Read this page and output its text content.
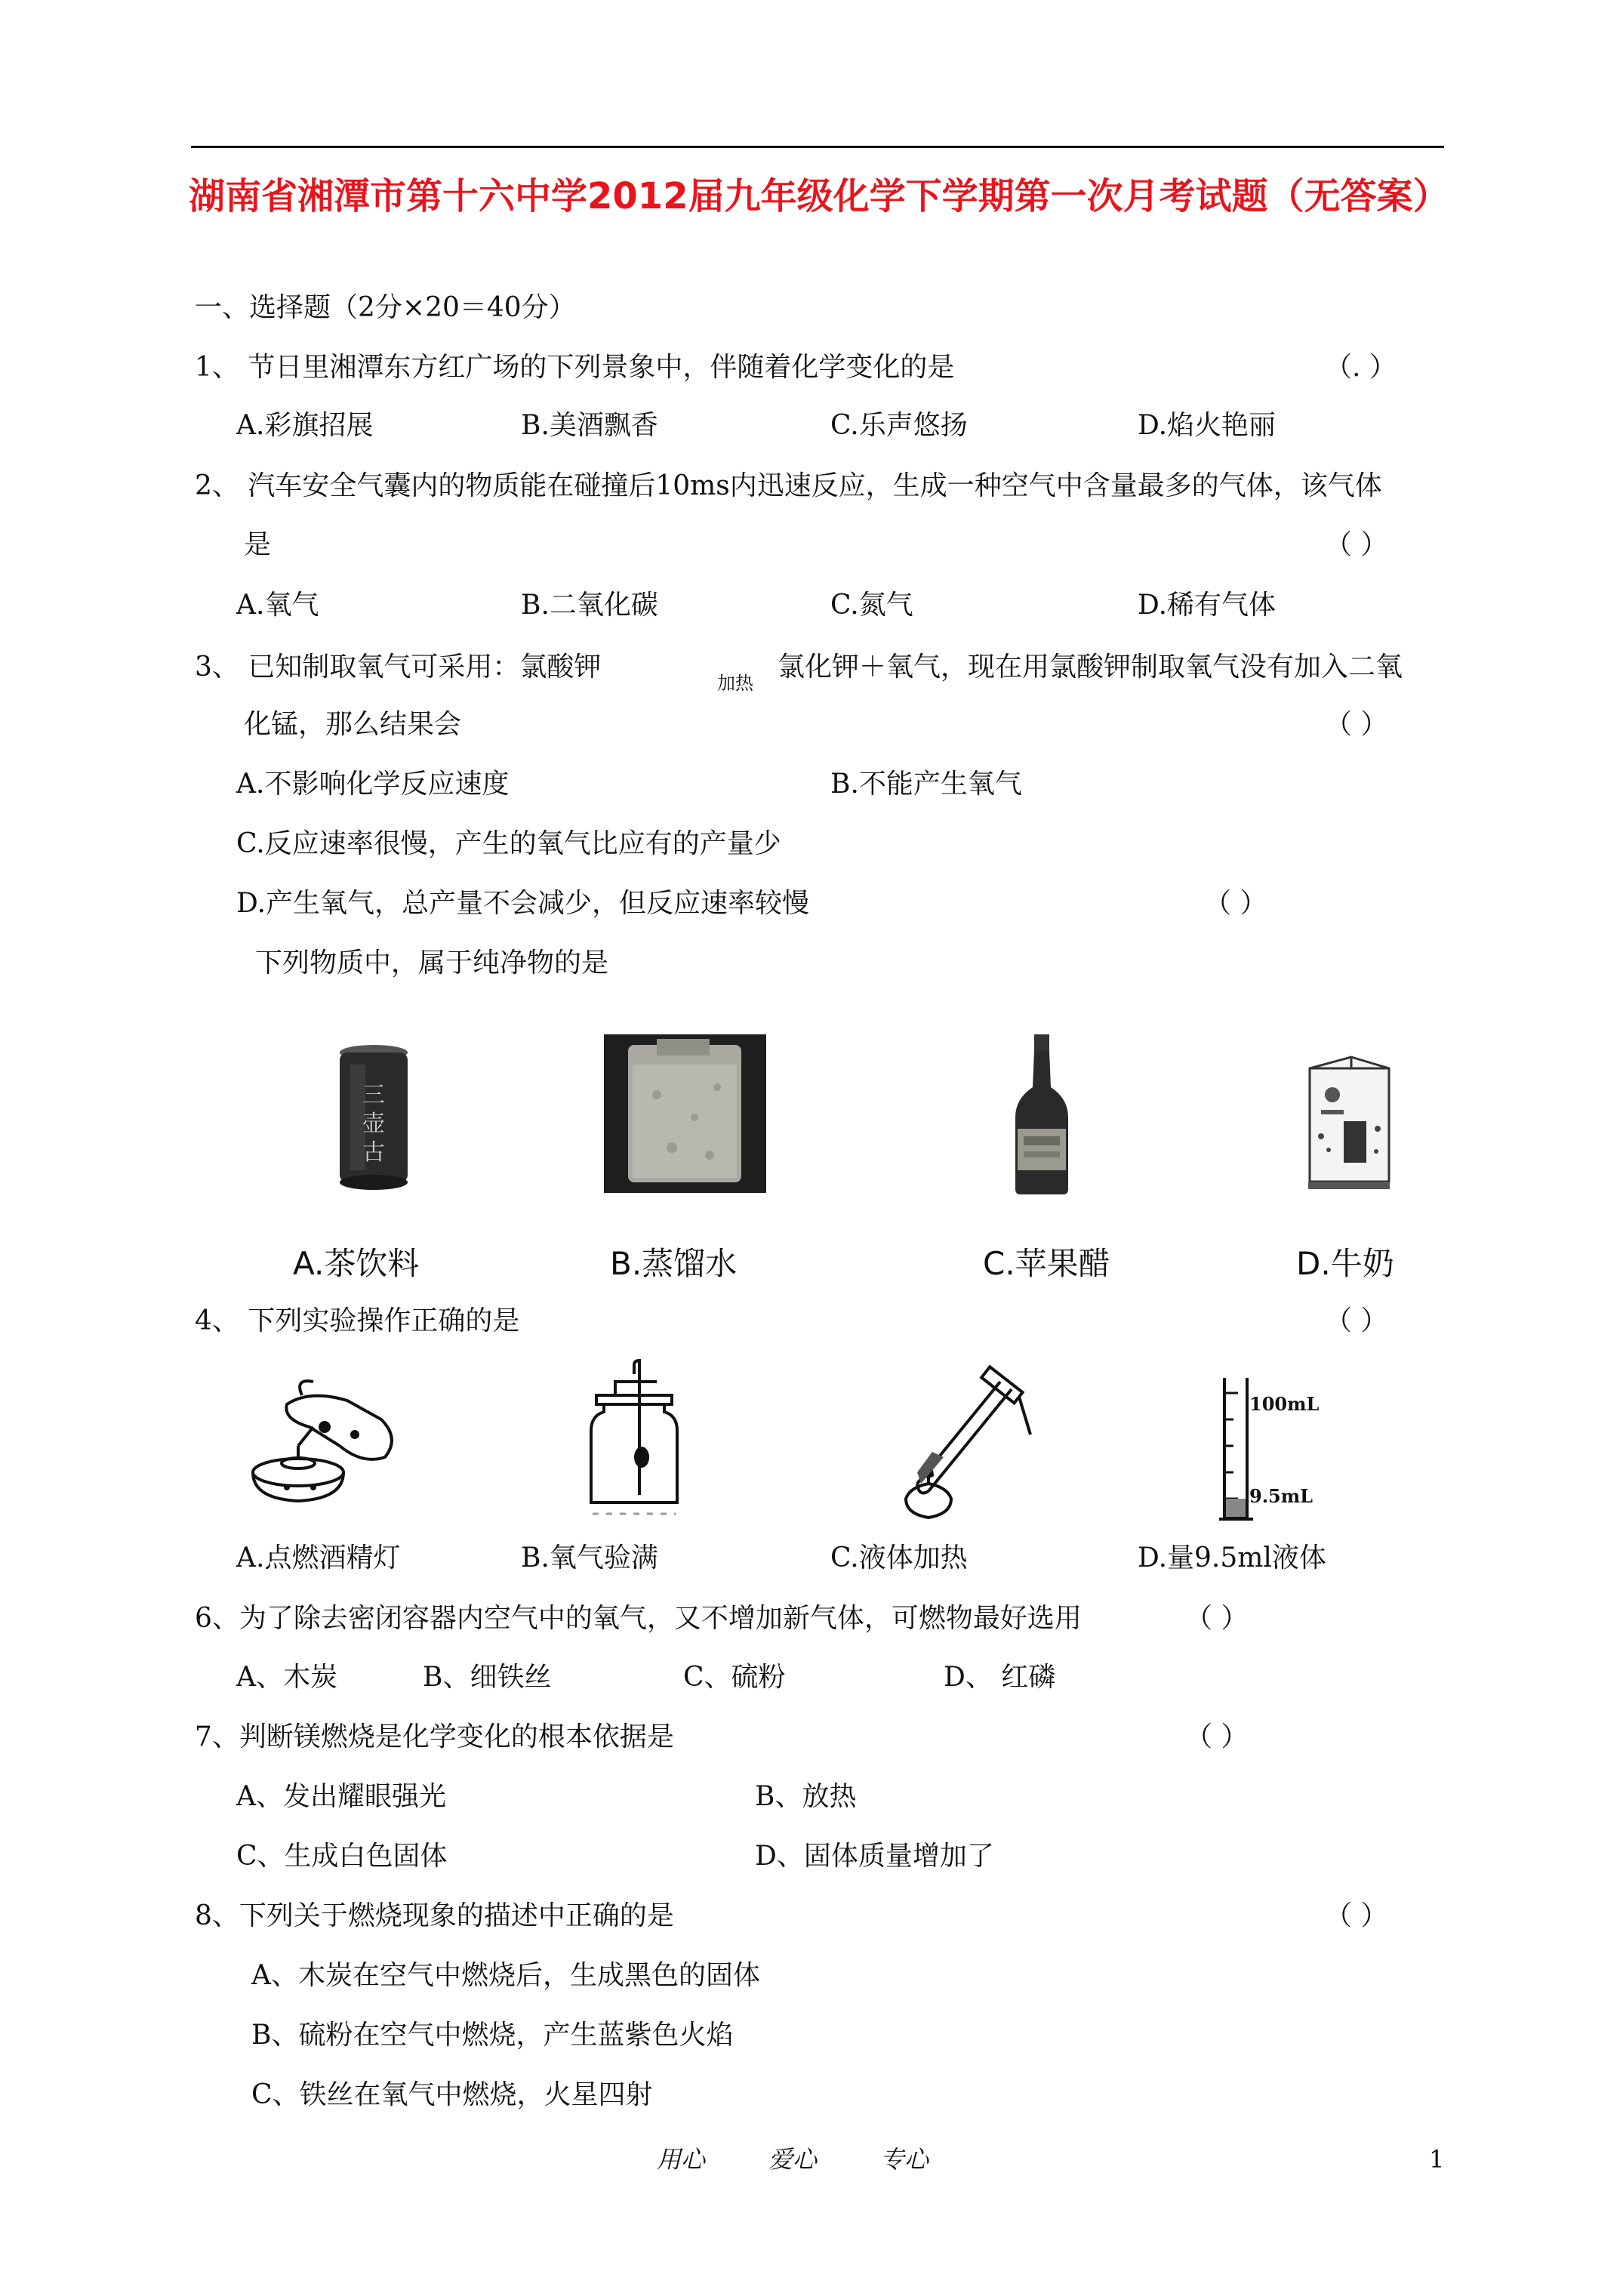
湖南省湘潭市第十六中学2012届九年级化学下学期第一次月考试题（无答案）
一、选择题（2分×20＝40分）
1、 节日里湘潭东方红广场的下列景象中，伴随着化学变化的是	（. ）
A.彩旗招展	B.美酒飘香	C.乐声悠扬	D.焰火艳丽
2、 汽车安全气囊内的物质能在碰撞后10ms内迅速反应，生成一种空气中含量最多的气体，该气体
是	（ ）
A.氧气	B.二氧化碳	C.氮气	D.稀有气体
3、 已知制取氧气可采用：氯酸钾
加热
氯化钾＋氧气，现在用氯酸钾制取氧气没有加入二氧
化锰，那么结果会	（ ）
A.不影响化学反应速度	B.不能产生氧气
C.反应速率很慢，产生的氧气比应有的产量少
D.产生氧气，总产量不会减少，但反应速率较慢	（ ）
下列物质中，属于纯净物的是
三
壶
古
A.茶饮料	B.蒸馏水	C.苹果醋	D.牛奶
4、 下列实验操作正确的是	（ ）
100mL
9.5mL
A.点燃酒精灯	B.氧气验满	C.液体加热	D.量9.5ml液体
6、为了除去密闭容器内空气中的氧气，又不增加新气体，可燃物最好选用	（ ）
A、木炭	B、细铁丝	C、硫粉	D、 红磷
7、判断镁燃烧是化学变化的根本依据是	（ ）
A、发出耀眼强光	B、放热
C、生成白色固体	D、固体质量增加了
8、下列关于燃烧现象的描述中正确的是	（ ）
A、木炭在空气中燃烧后，生成黑色的固体
B、硫粉在空气中燃烧，产生蓝紫色火焰
C、铁丝在氧气中燃烧，火星四射
用心	爱心	专心	1
